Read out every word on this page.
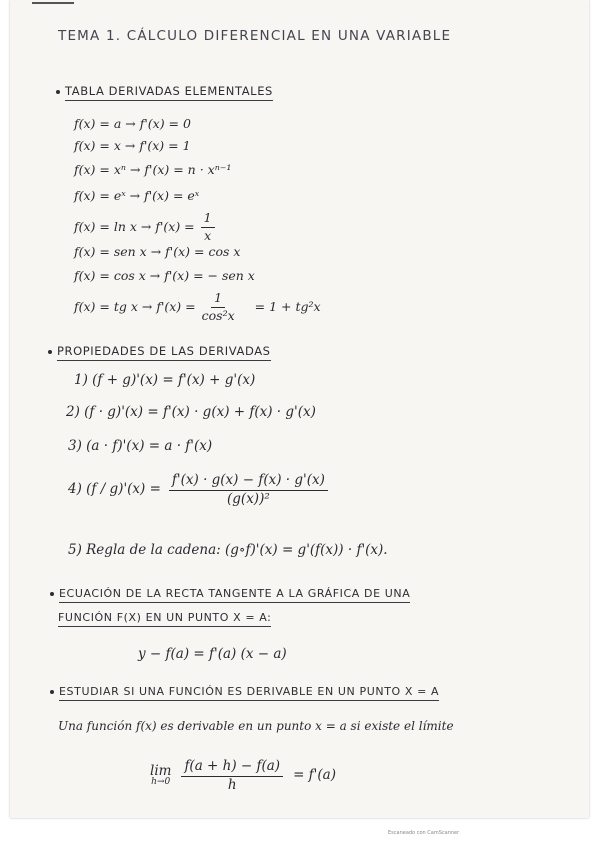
TEMA 1. CÁLCULO DIFERENCIAL EN UNA VARIABLE
TABLA DERIVADAS ELEMENTALES
f(x) = a → f'(x) = 0
f(x) = x → f'(x) = 1
f(x) = xⁿ → f'(x) = n · xⁿ⁻¹
f(x) = eˣ → f'(x) = eˣ
$f(x) = \ln x \to f'(x) = \frac{1}{x}$
f(x) = sen x → f'(x) = cos x
f(x) = cos x → f'(x) = − sen x
f(x) = tg $x \to f'(x) = \frac{1}{\text{cos²x}} = 1 + tg^2x$
PROPIEDADES DE LAS DERIVADAS
1) (f + g)'(x) = f'(x) + g'(x)
2) (f · g)'(x) = f'(x) · g(x) + f(x) · g'(x)
3) (a · f)'(x) = a · f'(x)
4) $(f / g)'(x) = \frac{f'(x) \cdot g(x) - f(x) \cdot g'(x)}{\text{(g(x))²}}$
5) Regla de la cadena: (g∘f)'(x) = g'(f(x)) · f'(x).
ECUACIÓN DE LA RECTA TANGENTE A LA GRÁFICA DE UNA
FUNCIÓN F(X) EN UN PUNTO X = A:
y − f(a) = f'(a) (x − a)
ESTUDIAR SI UNA FUNCIÓN ES DERIVABLE EN UN PUNTO X = A
Una función f(x) es derivable en un punto x = a si existe el límite
lim
$h\to 0 \frac{f(a + h) - f(a)}{h} = f'(a)$
Escaneado con CamScanner
